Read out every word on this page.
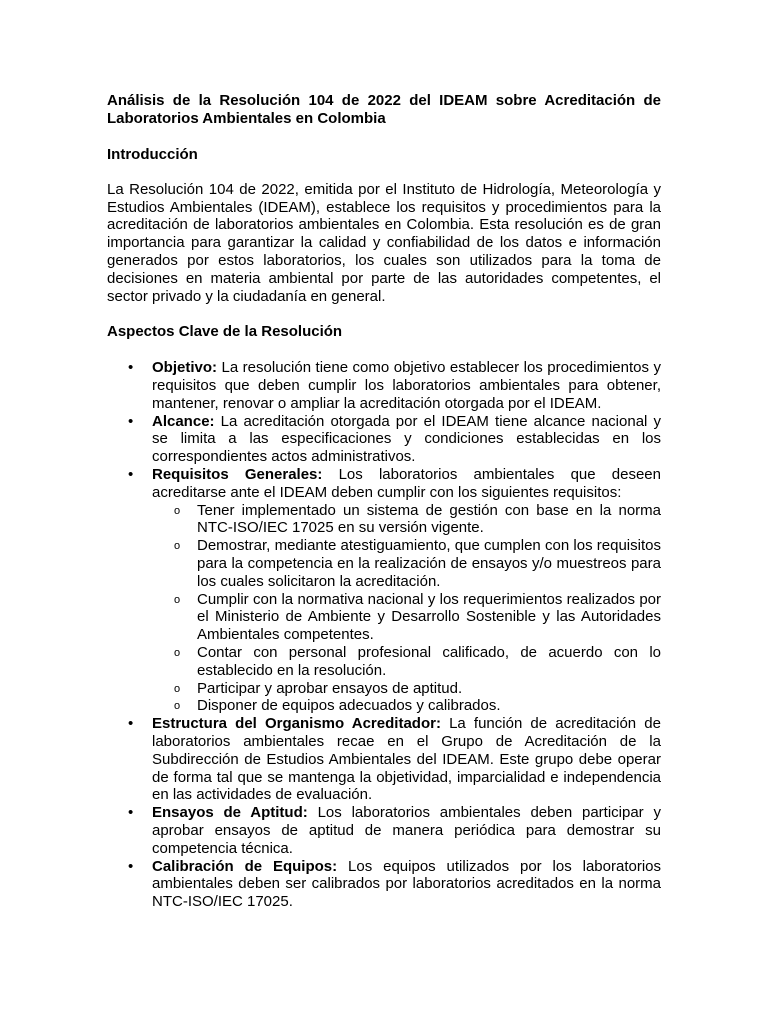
Análisis de la Resolución 104 de 2022 del IDEAM sobre Acreditación de Laboratorios Ambientales en Colombia

Introducción

La Resolución 104 de 2022, emitida por el Instituto de Hidrología, Meteorología y Estudios Ambientales (IDEAM), establece los requisitos y procedimientos para la acreditación de laboratorios ambientales en Colombia. Esta resolución es de gran importancia para garantizar la calidad y confiabilidad de los datos e información generados por estos laboratorios, los cuales son utilizados para la toma de decisiones en materia ambiental por parte de las autoridades competentes, el sector privado y la ciudadanía en general.

Aspectos Clave de la Resolución

• Objetivo: La resolución tiene como objetivo establecer los procedimientos y requisitos que deben cumplir los laboratorios ambientales para obtener, mantener, renovar o ampliar la acreditación otorgada por el IDEAM.
• Alcance: La acreditación otorgada por el IDEAM tiene alcance nacional y se limita a las especificaciones y condiciones establecidas en los correspondientes actos administrativos.
• Requisitos Generales: Los laboratorios ambientales que deseen acreditarse ante el IDEAM deben cumplir con los siguientes requisitos:
o Tener implementado un sistema de gestión con base en la norma NTC-ISO/IEC 17025 en su versión vigente.
o Demostrar, mediante atestiguamiento, que cumplen con los requisitos para la competencia en la realización de ensayos y/o muestreos para los cuales solicitaron la acreditación.
o Cumplir con la normativa nacional y los requerimientos realizados por el Ministerio de Ambiente y Desarrollo Sostenible y las Autoridades Ambientales competentes.
o Contar con personal profesional calificado, de acuerdo con lo establecido en la resolución.
o Participar y aprobar ensayos de aptitud.
o Disponer de equipos adecuados y calibrados.
• Estructura del Organismo Acreditador: La función de acreditación de laboratorios ambientales recae en el Grupo de Acreditación de la Subdirección de Estudios Ambientales del IDEAM. Este grupo debe operar de forma tal que se mantenga la objetividad, imparcialidad e independencia en las actividades de evaluación.
• Ensayos de Aptitud: Los laboratorios ambientales deben participar y aprobar ensayos de aptitud de manera periódica para demostrar su competencia técnica.
• Calibración de Equipos: Los equipos utilizados por los laboratorios ambientales deben ser calibrados por laboratorios acreditados en la norma NTC-ISO/IEC 17025.
